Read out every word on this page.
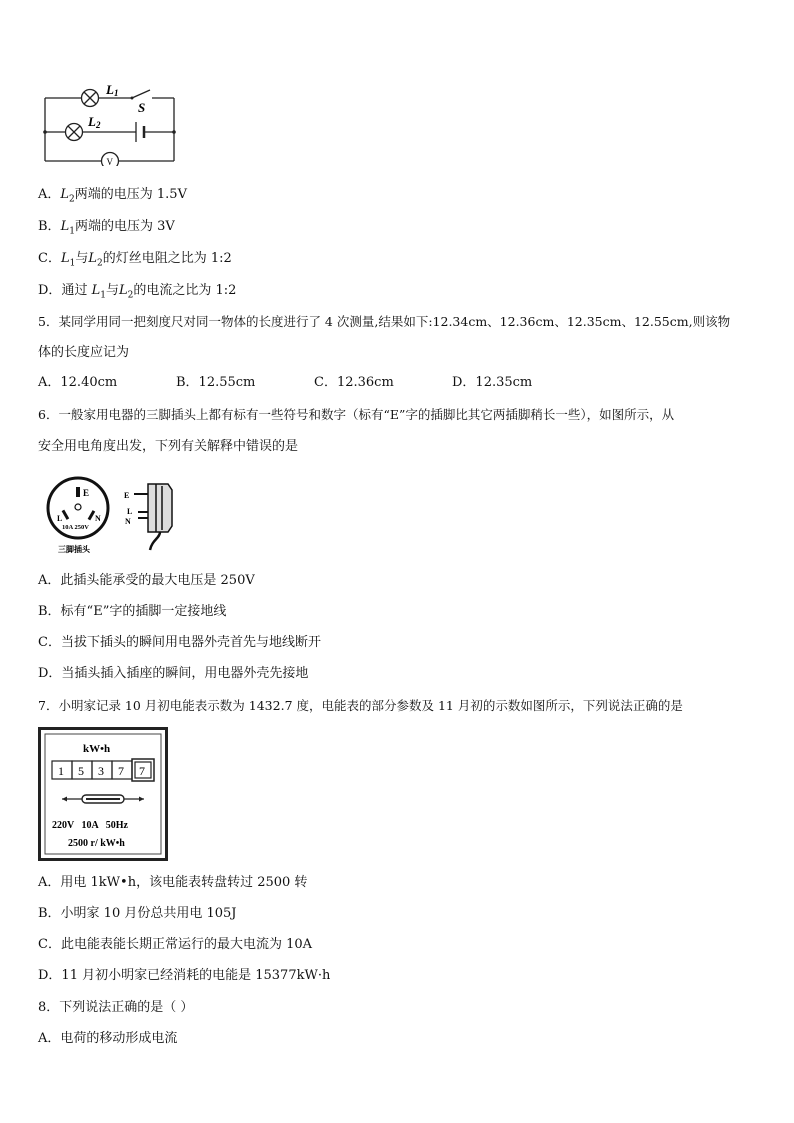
L1
S
L2
V
A．$L_2$两端的电压为 1.5V
B．$L_1$两端的电压为 3V
C．$L_1$与$L_2$的灯丝电阻之比为 1:2
D．通过 $L_1$与$L_2$的电流之比为 1:2
5．某同学用同一把刻度尺对同一物体的长度进行了 4 次测量,结果如下:12.34cm、12.36cm、12.35cm、12.55cm,则该物
体的长度应记为
A．12.40cm	B．12.55cm	C．12.36cm	D．12.35cm
6．一般家用电器的三脚插头上都有标有一些符号和数字（标有“E”字的插脚比其它两插脚稍长一些），如图所示，从
安全用电角度出发，下列有关解释中错误的是
E
L	N
10A 250V
三脚插头
E
L
N
A．此插头能承受的最大电压是 250V
B．标有“E”字的插脚一定接地线
C．当拔下插头的瞬间用电器外壳首先与地线断开
D．当插头插入插座的瞬间，用电器外壳先接地
7．小明家记录 10 月初电能表示数为 1432.7 度，电能表的部分参数及 11 月初的示数如图所示，下列说法正确的是
kW•h
1 5 3 7 7
220V   10A   50Hz
2500 r/ kW•h
A．用电 1kW•h，该电能表转盘转过 2500 转
B．小明家 10 月份总共用电 105J
C．此电能表能长期正常运行的最大电流为 10A
D．11 月初小明家已经消耗的电能是 15377kW·h
8．下列说法正确的是（ ）
A．电荷的移动形成电流
